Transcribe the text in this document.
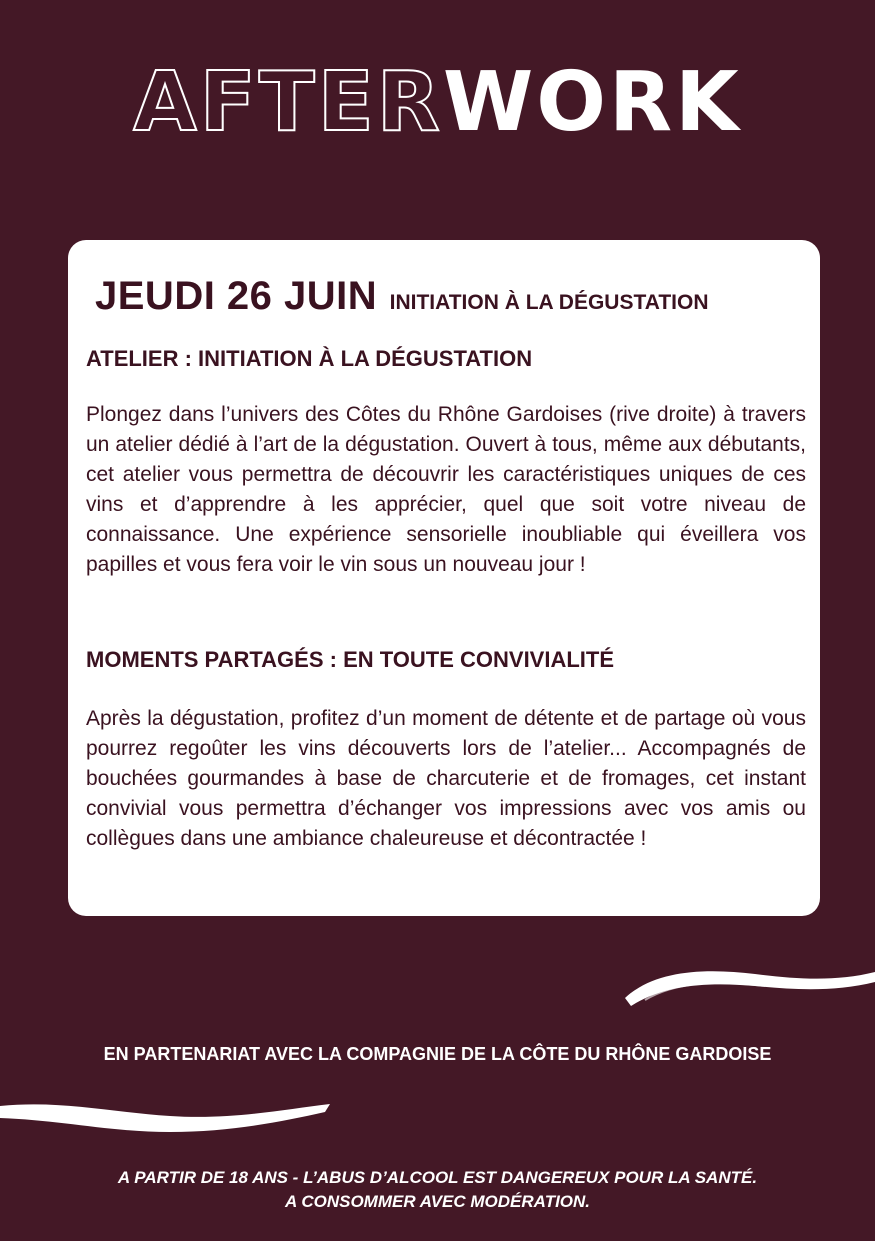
AFTERWORK
JEUDI 26 JUIN INITIATION À LA DÉGUSTATION
ATELIER : INITIATION À LA DÉGUSTATION
Plongez dans l’univers des Côtes du Rhône Gardoises (rive droite) à travers un atelier dédié à l’art de la dégustation. Ouvert à tous, même aux débutants, cet atelier vous permettra de découvrir les caractéristiques uniques de ces vins et d’apprendre à les apprécier, quel que soit votre niveau de connaissance. Une expérience sensorielle inoubliable qui éveillera vos papilles et vous fera voir le vin sous un nouveau jour !
MOMENTS PARTAGÉS : EN TOUTE CONVIVIALITÉ
Après la dégustation, profitez d’un moment de détente et de partage où vous pourrez regoûter les vins découverts lors de l’atelier... Accompagnés de bouchées gourmandes à base de charcuterie et de fromages, cet instant convivial vous permettra d’échanger vos impressions avec vos amis ou collègues dans une ambiance chaleureuse et décontractée !
EN PARTENARIAT AVEC LA COMPAGNIE DE LA CÔTE DU RHÔNE GARDOISE
A PARTIR DE 18 ANS - L’ABUS D’ALCOOL EST DANGEREUX POUR LA SANTÉ.
A CONSOMMER AVEC MODÉRATION.
